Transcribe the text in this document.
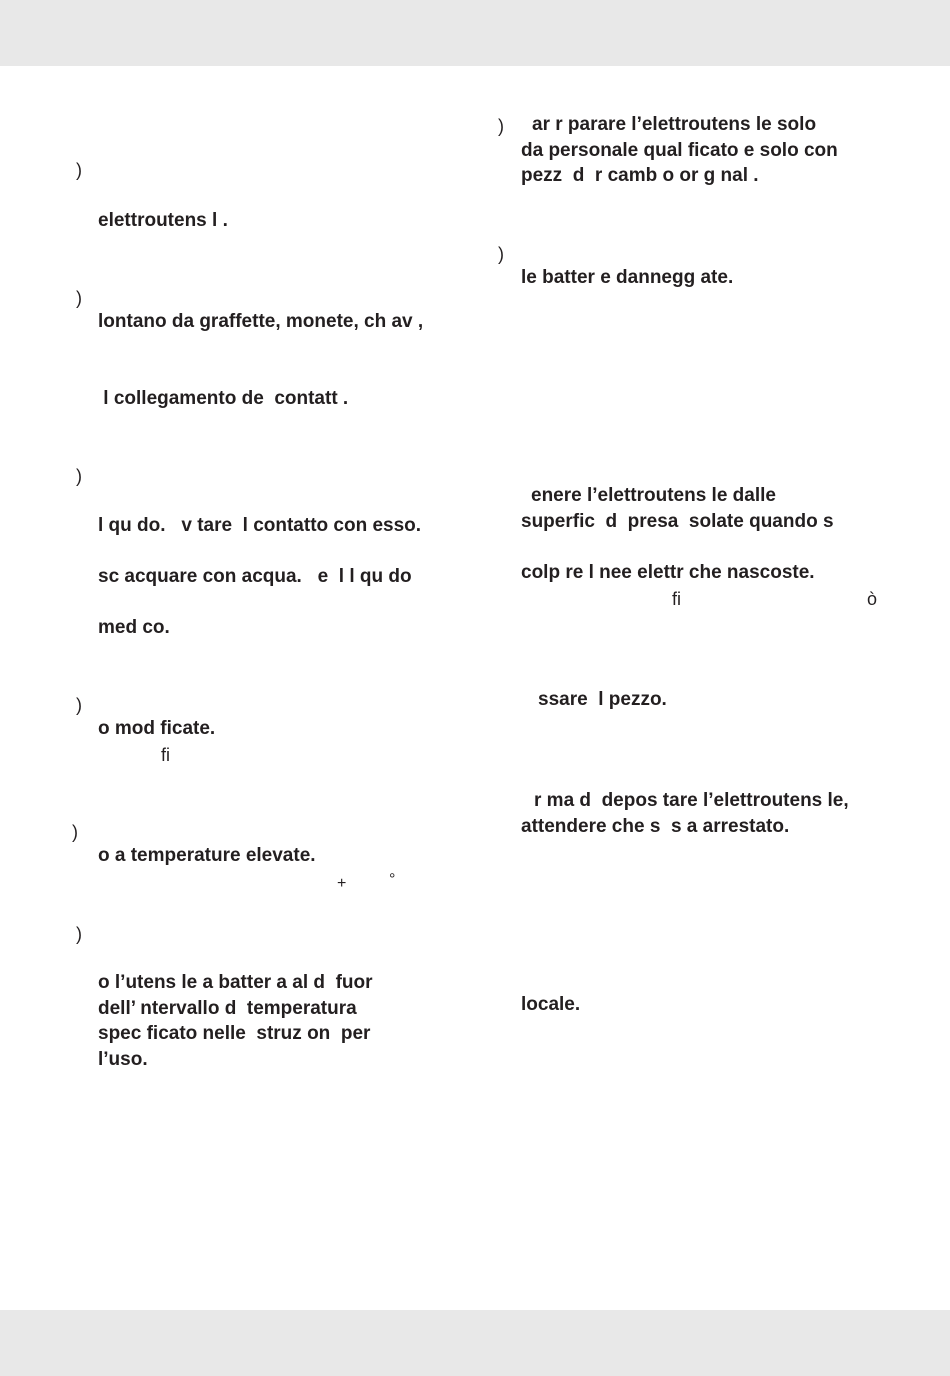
)
elettroutens l .
)
lontano da graffette, monete, ch av ,
l collegamento de  contatt .
)
l qu do.   v tare  l contatto con esso.
sc acquare con acqua.   e  l l qu do
med co.
)
o mod ficate.
fi
)
o a temperature elevate.
+	°
)
o l’utens le a batter a al d  fuor
dell’ ntervallo d  temperatura
spec ficato nelle  struz on  per
l’uso.
) ar r parare l’elettroutens le solo
da personale qual ficato e solo con
pezz  d  r camb o or g nal .
)
le batter e dannegg ate.
enere l’elettroutens le dalle
superfic  d  presa  solate quando s
colp re l nee elettr che nascoste.
fi	ò
ssare  l pezzo.
r ma d  depos tare l’elettroutens le,
attendere che s  s a arrestato.
locale.
